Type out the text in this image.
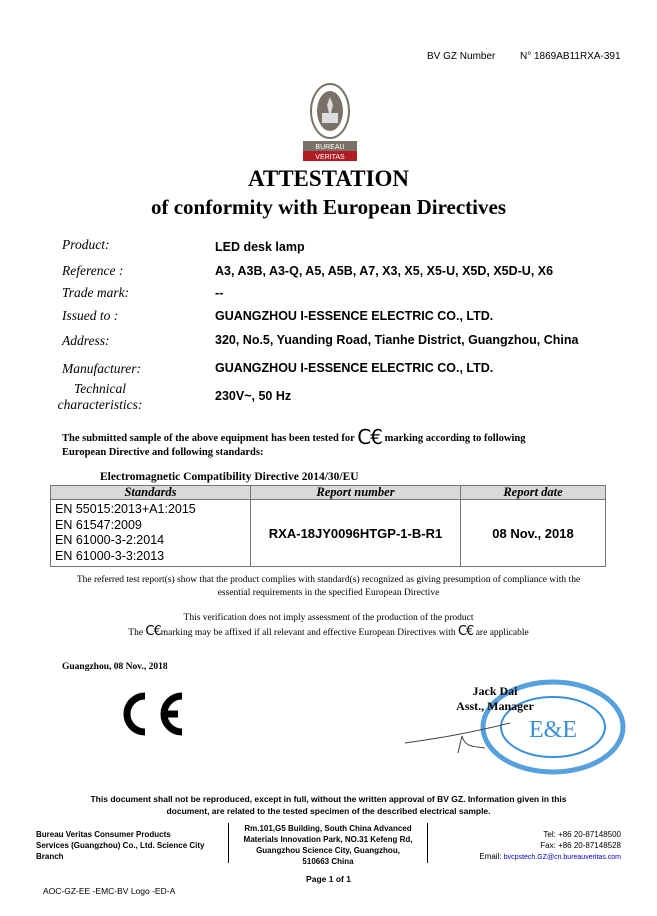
BV GZ Number N° 1869AB11RXA-391
BUREAU
VERITAS
ATTESTATION
of conformity with European Directives
Product:	LED desk lamp
Reference :	A3, A3B, A3-Q, A5, A5B, A7, X3, X5, X5-U, X5D, X5D-U, X6
Trade mark:	--
Issued to :	GUANGZHOU I-ESSENCE ELECTRIC CO., LTD.
Address:	320, No.5, Yuanding Road, Tianhe District, Guangzhou, China
Manufacturer:	GUANGZHOU I-ESSENCE ELECTRIC CO., LTD.
Technical characteristics:
230V~, 50 Hz
The submitted sample of the above equipment has been tested for C€ marking according to following
European Directive and following standards:
Electromagnetic Compatibility Directive 2014/30/EU
Standards	Report number	Report date

EN 55015:2013+A1:2015
EN 61547:2009
EN 61000-3-2:2014
EN 61000-3-3:2013	RXA-18JY0096HTGP-1-B-R1	08 Nov., 2018
The referred test report(s) show that the product complies with standard(s) recognized as giving presumption of compliance with the
essential requirements in the specified European Directive
This verification does not imply assessment of the production of the product
The C€marking may be affixed if all relevant and effective European Directives with C€ are applicable
Guangzhou, 08 Nov., 2018
E&E
Jack Dai
Asst., Manager
This document shall not be reproduced, except in full, without the written approval of BV GZ. Information given in this
document, are related to the tested specimen of the described electrical sample.
Bureau Veritas Consumer Products
Services (Guangzhou) Co., Ltd. Science City
Branch
Rm.101,G5 Building, South China Advanced
Materials Innovation Park, NO.31 Kefeng Rd,
Guangzhou Science City, Guangzhou,
510663 China
Tel: +86 20-87148500
Fax: +86 20-87148528
Email: bvcpstech.GZ@cn.bureauveritas.com
Page 1 of 1
AOC-GZ-EE -EMC-BV Logo -ED-A
